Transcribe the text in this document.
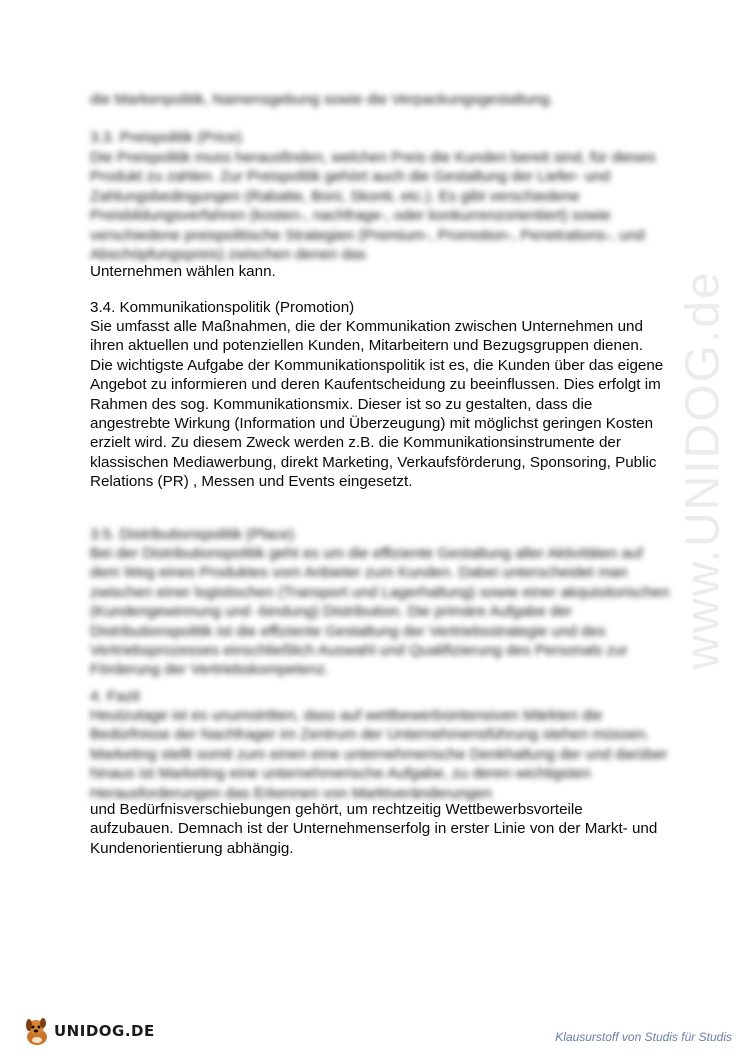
www.UNIDOG.de

die Markenpolitik, Namensgebung sowie die Verpackungsgestaltung.

3.3. Preispolitik (Price)

Die Preispolitik muss herausfinden, welchen Preis die Kunden bereit sind, für dieses Produkt zu zahlen. Zur Preispolitik gehört auch die Gestaltung der Liefer- und Zahlungsbedingungen (Rabatte, Boni, Skonti, etc.). Es gibt verschiedene Preisbildungsverfahren (kosten-, nachfrage-, oder konkurrenzorientiert) sowie verschiedene preispolitische Strategien (Premium-, Promotion-, Penetrations-, und Abschöpfungspreis) zwischen denen das

Unternehmen wählen kann.

3.4. Kommunikationspolitik (Promotion)

Sie umfasst alle Maßnahmen, die der Kommunikation zwischen Unternehmen und ihren aktuellen und potenziellen Kunden, Mitarbeitern und Bezugsgruppen dienen. Die wichtigste Aufgabe der Kommunikationspolitik ist es, die Kunden über das eigene Angebot zu informieren und deren Kaufentscheidung zu beeinflussen. Dies erfolgt im Rahmen des sog. Kommunikationsmix. Dieser ist so zu gestalten, dass die angestrebte Wirkung (Information und Überzeugung) mit möglichst geringen Kosten erzielt wird. Zu diesem Zweck werden z.B. die Kommunikationsinstrumente der klassischen Mediawerbung, direkt Marketing, Verkaufsförderung, Sponsoring, Public Relations (PR) , Messen und Events eingesetzt.

3.5. Distributionspolitik (Place)

Bei der Distributionspolitik geht es um die effiziente Gestaltung aller Aktivitäten auf dem Weg eines Produktes vom Anbieter zum Kunden. Dabei unterscheidet man zwischen einer logistischen (Transport und Lagerhaltung) sowie einer akquisitorischen (Kundengewinnung und -bindung) Distribution. Die primäre Aufgabe der Distributionspolitik ist die effiziente Gestaltung der Vertriebsstrategie und des Vertriebsprozesses einschließlich Auswahl und Qualifizierung des Personals zur Förderung der Vertriebskompetenz.

4. Fazit

Heutzutage ist es unumstritten, dass auf wettbewerbsintensiven Märkten die Bedürfnisse der Nachfrager im Zentrum der Unternehmensführung stehen müssen. Marketing stellt somit zum einen eine unternehmerische Denkhaltung der und darüber hinaus ist Marketing eine unternehmerische Aufgabe, zu deren wichtigsten Herausforderungen das Erkennen von Marktveränderungen

und Bedürfnisverschiebungen gehört, um rechtzeitig Wettbewerbsvorteile aufzubauen. Demnach ist der Unternehmenserfolg in erster Linie von der Markt- und Kundenorientierung abhängig.

UNIDOG.DE	Klausurstoff von Studis für Studis
